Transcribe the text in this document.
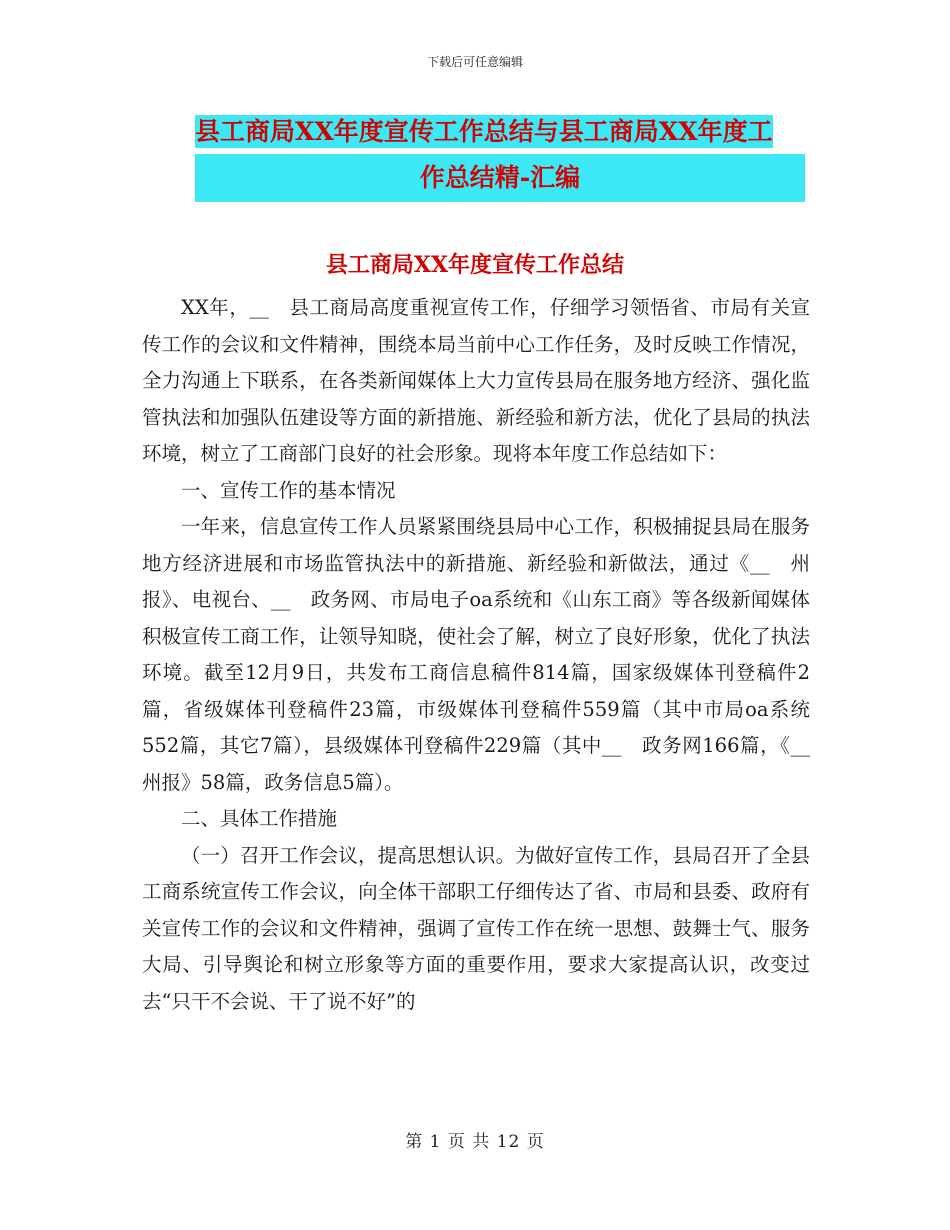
下载后可任意编辑
县工商局XX年度宣传工作总结与县工商局XX年度工
作总结精-汇编
县工商局XX年度宣传工作总结

XX年，__　县工商局高度重视宣传工作，仔细学习领悟省、市局有关宣传工作的会议和文件精神，围绕本局当前中心工作任务，及时反映工作情况，全力沟通上下联系，在各类新闻媒体上大力宣传县局在服务地方经济、强化监管执法和加强队伍建设等方面的新措施、新经验和新方法，优化了县局的执法环境，树立了工商部门良好的社会形象。现将本年度工作总结如下：

一、宣传工作的基本情况

一年来，信息宣传工作人员紧紧围绕县局中心工作，积极捕捉县局在服务地方经济进展和市场监管执法中的新措施、新经验和新做法，通过《__　州报》、电视台、__　政务网、市局电子oa系统和《山东工商》等各级新闻媒体积极宣传工商工作，让领导知晓，使社会了解，树立了良好形象，优化了执法环境。截至12月9日，共发布工商信息稿件814篇，国家级媒体刊登稿件2篇，省级媒体刊登稿件23篇，市级媒体刊登稿件559篇（其中市局oa系统552篇，其它7篇），县级媒体刊登稿件229篇（其中__　政务网166篇，《__　州报》58篇，政务信息5篇）。

二、具体工作措施

（一）召开工作会议，提高思想认识。为做好宣传工作，县局召开了全县工商系统宣传工作会议，向全体干部职工仔细传达了省、市局和县委、政府有关宣传工作的会议和文件精神，强调了宣传工作在统一思想、鼓舞士气、服务大局、引导舆论和树立形象等方面的重要作用，要求大家提高认识，改变过去“只干不会说、干了说不好”的

第 1 页 共 12 页
